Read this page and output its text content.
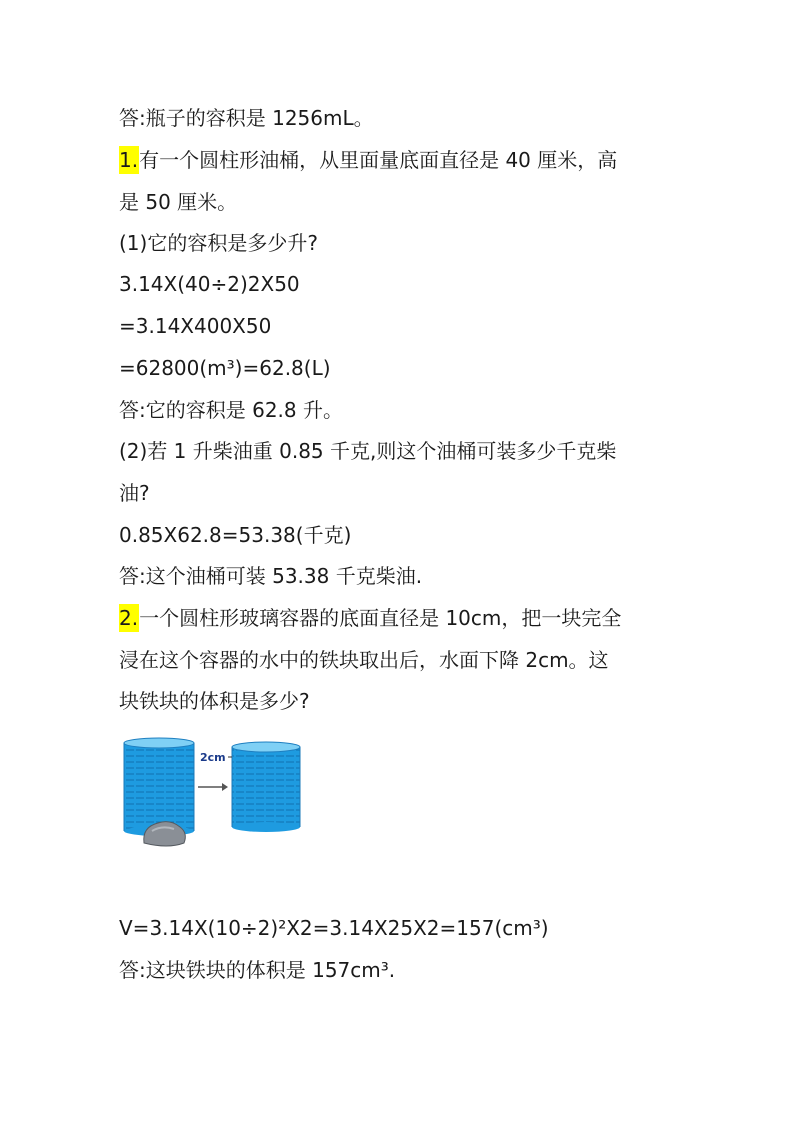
答:瓶子的容积是 1256mL。
1.有一个圆柱形油桶，从里面量底面直径是 40 厘米，高
是 50 厘米。
(1)它的容积是多少升?
3.14X(40÷2)2X50
=3.14X400X50
=62800(m³)=62.8(L)
答:它的容积是 62.8 升。
(2)若 1 升柴油重 0.85 千克,则这个油桶可装多少千克柴
油?
0.85X62.8=53.38(千克)
答:这个油桶可装 53.38 千克柴油.
2.一个圆柱形玻璃容器的底面直径是 10cm，把一块完全
浸在这个容器的水中的铁块取出后，水面下降 2cm。这
块铁块的体积是多少?
2cm
V=3.14X(10÷2)²X2=3.14X25X2=157(cm³)
答:这块铁块的体积是 157cm³.
